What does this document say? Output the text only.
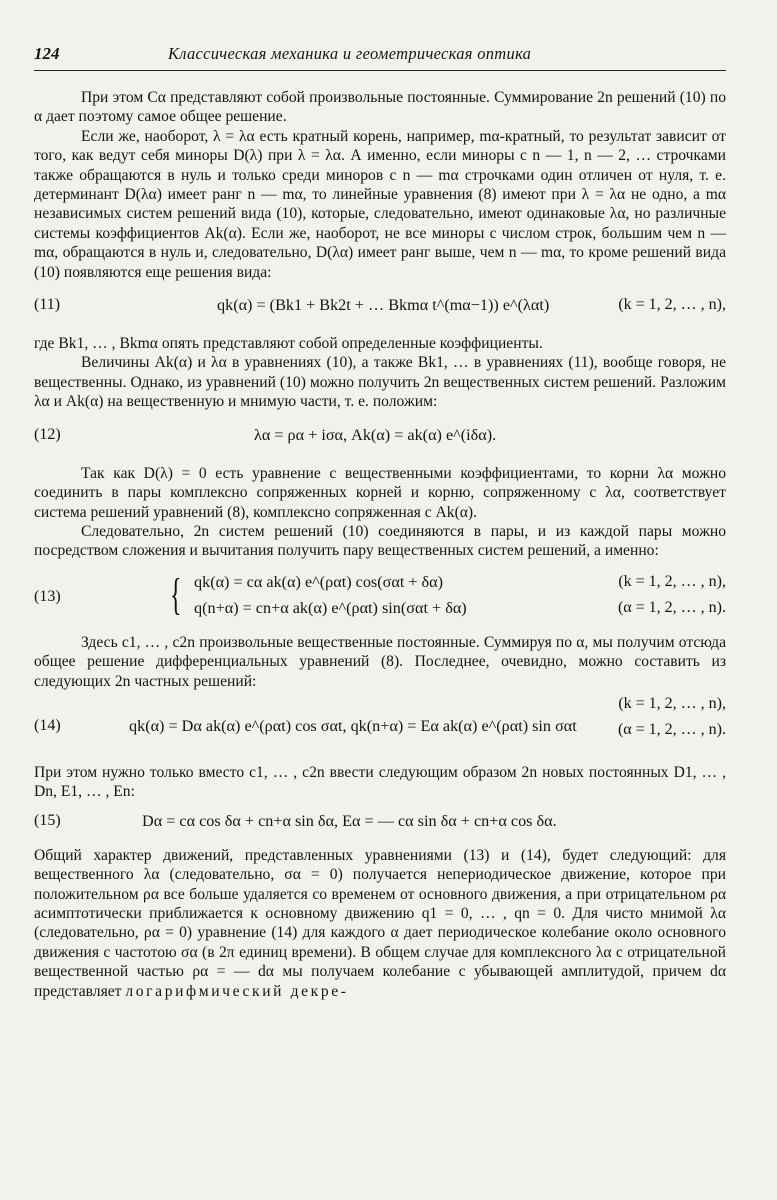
124	Классическая механика и геометрическая оптика

При этом Cα представляют собой произвольные постоянные. Суммирование 2n решений (10) по α дает поэтому самое общее решение.

Если же, наоборот, λ = λα есть кратный корень, например, mα-кратный, то результат зависит от того, как ведут себя миноры D(λ) при λ = λα. А именно, если миноры с n — 1, n — 2, … строчками также обращаются в нуль и только среди миноров с n — mα строчками один отличен от нуля, т. е. детерминант D(λα) имеет ранг n — mα, то линейные уравнения (8) имеют при λ = λα не одно, а mα независимых систем решений вида (10), которые, следовательно, имеют одинаковые λα, но различные системы коэффициентов Ak(α). Если же, наоборот, не все миноры с числом строк, большим чем n — mα, обращаются в нуль и, следовательно, D(λα) имеет ранг выше, чем n — mα, то кроме решений вида (10) появляются еще решения вида:

(11)	qk(α) = (Bk1 + Bk2t + … Bkmα t^(mα−1)) e^(λαt)	(k = 1, 2, … , n),

где Bk1, … , Bkmα опять представляют собой определенные коэффициенты.

Величины Ak(α) и λα в уравнениях (10), а также Bk1, … в уравнениях (11), вообще говоря, не вещественны. Однако, из уравнений (10) можно получить 2n вещественных систем решений. Разложим λα и Ak(α) на вещественную и мнимую части, т. е. положим:

(12)	λα = ρα + iσα, Ak(α) = ak(α) e^(iδα).

Так как D(λ) = 0 есть уравнение с вещественными коэффициентами, то корни λα можно соединить в пары комплексно сопряженных корней и корню, сопряженному с λα, соответствует система решений уравнений (8), комплексно сопряженная с Ak(α).

Следовательно, 2n систем решений (10) соединяются в пары, и из каждой пары можно посредством сложения и вычитания получить пару вещественных систем решений, а именно:

(13) { qk(α) = cα ak(α) e^(ραt) cos(σαt + δα)
q(n+α) = cn+α ak(α) e^(ραt) sin(σαt + δα)
(k = 1, 2, … , n),
(α = 1, 2, … , n).

Здесь c1, … , c2n произвольные вещественные постоянные. Суммируя по α, мы получим отсюда общее решение дифференциальных уравнений (8). Последнее, очевидно, можно составить из следующих 2n частных решений:

(k = 1, 2, … , n),
(14)	qk(α) = Dα ak(α) e^(ραt) cos σαt, qk(n+α) = Eα ak(α) e^(ραt) sin σαt	(α = 1, 2, … , n).

При этом нужно только вместо c1, … , c2n ввести следующим образом 2n новых постоянных D1, … , Dn, E1, … , En:

(15)	Dα = cα cos δα + cn+α sin δα, Eα = — cα sin δα + cn+α cos δα.

Общий характер движений, представленных уравнениями (13) и (14), будет следующий: для вещественного λα (следовательно, σα = 0) получается непериодическое движение, которое при положительном ρα все больше удаляется со временем от основного движения, а при отрицательном ρα асимптотически приближается к основному движению q1 = 0, … , qn = 0. Для чисто мнимой λα (следовательно, ρα = 0) уравнение (14) для каждого α дает периодическое колебание около основного движения с частотою σα (в 2π единиц времени). В общем случае для комплексного λα с отрицательной вещественной частью ρα = — dα мы получаем колебание с убывающей амплитудой, причем dα представляет логарифмический декре-
